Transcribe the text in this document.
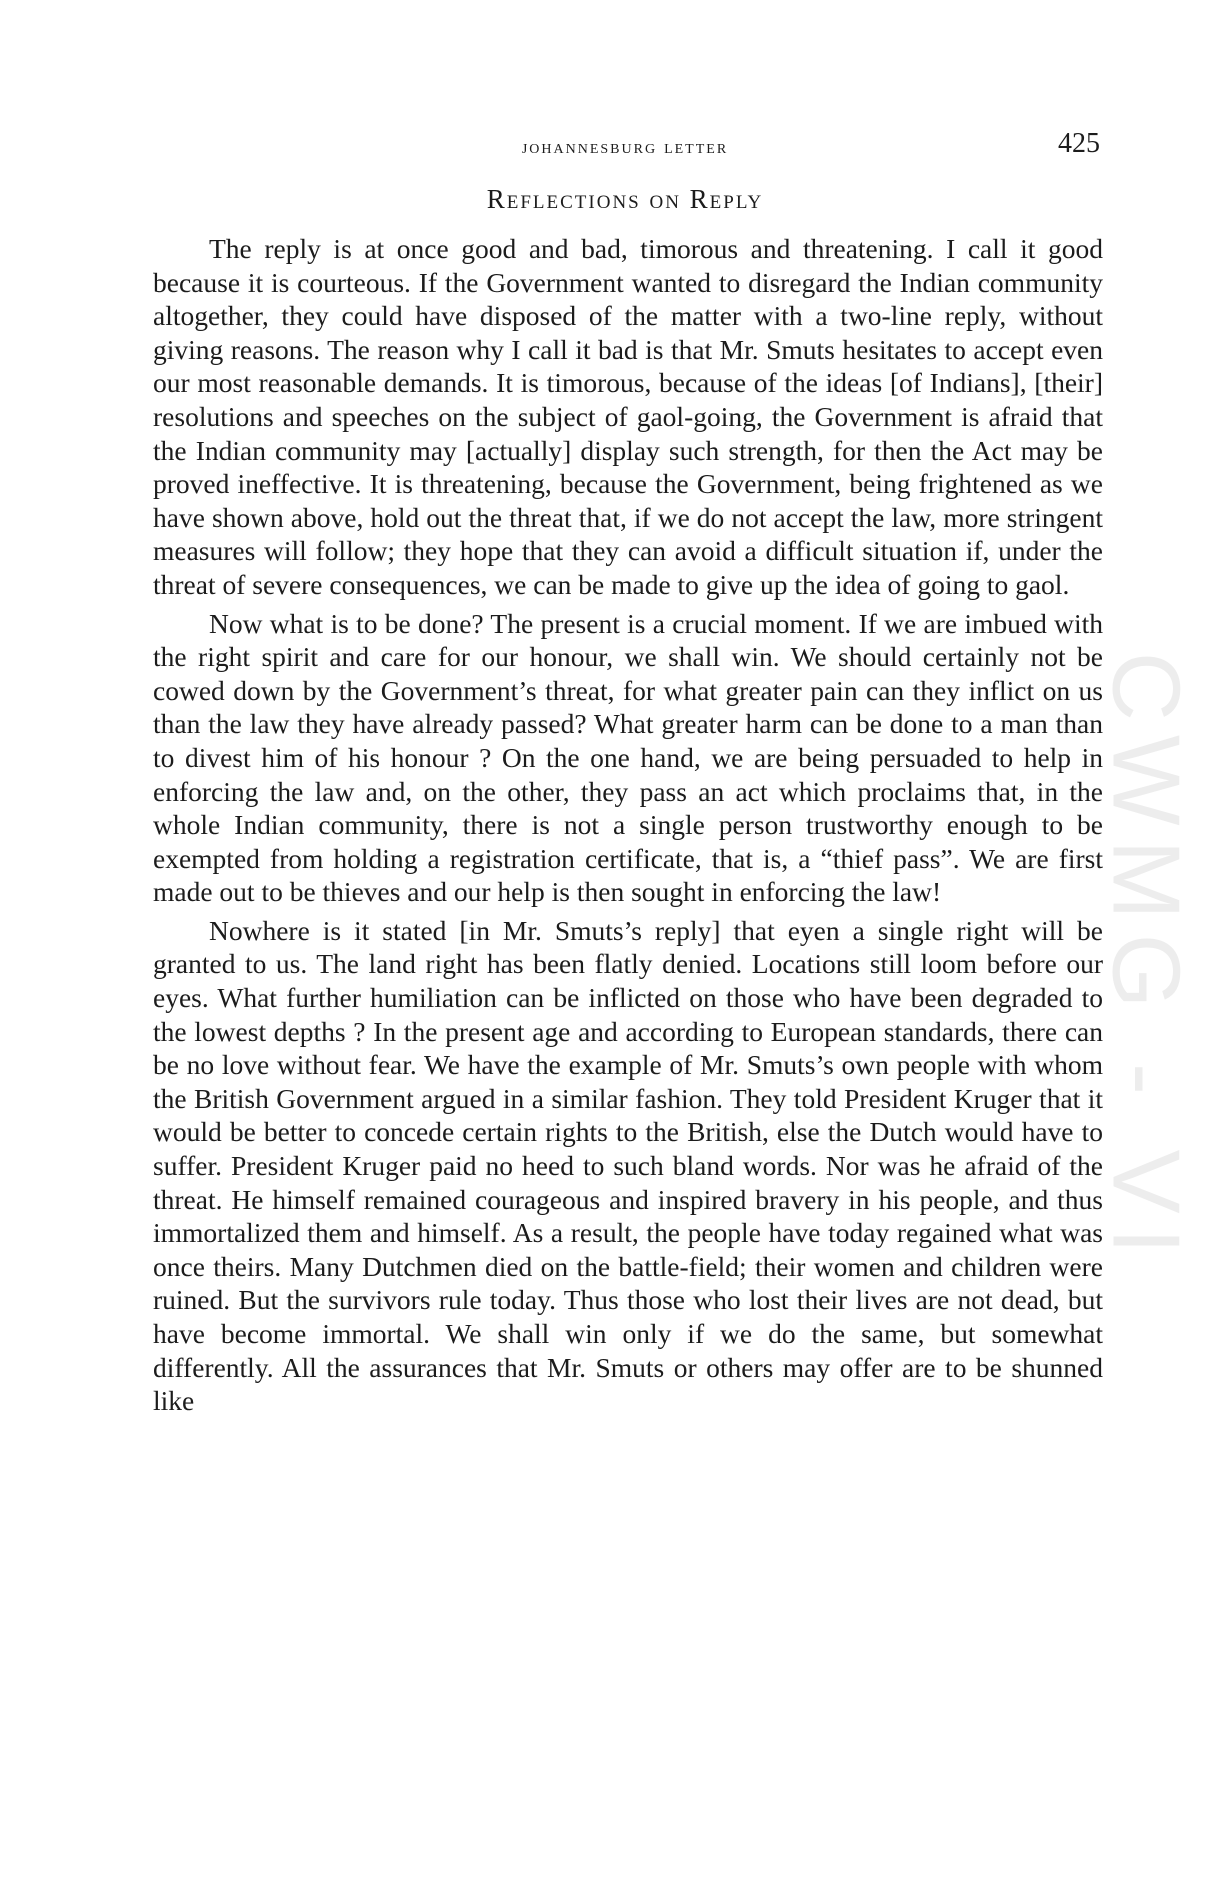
johannesburg letter	425
Reflections on Reply

The reply is at once good and bad, timorous and threatening. I call it good because it is courteous. If the Government wanted to disregard the Indian community altogether, they could have disposed of the matter with a two-line reply, without giving reasons. The reason why I call it bad is that Mr. Smuts hesitates to accept even our most reasonable demands. It is timorous, because of the ideas [of Indians], [their] resolutions and speeches on the subject of gaol-going, the Government is afraid that the Indian community may [actually] display such strength, for then the Act may be proved ineffective. It is threatening, because the Government, being frightened as we have shown above, hold out the threat that, if we do not accept the law, more stringent measures will follow; they hope that they can avoid a difficult situation if, under the threat of severe consequences, we can be made to give up the idea of going to gaol.

Now what is to be done? The present is a crucial moment. If we are imbued with the right spirit and care for our honour, we shall win. We should certainly not be cowed down by the Government’s threat, for what greater pain can they inflict on us than the law they have already passed? What greater harm can be done to a man than to divest him of his honour ? On the one hand, we are being persuaded to help in enforcing the law and, on the other, they pass an act which proclaims that, in the whole Indian community, there is not a single person trustworthy enough to be exempted from holding a registration certificate, that is, a “thief pass”. We are first made out to be thieves and our help is then sought in enforcing the law!

Nowhere is it stated [in Mr. Smuts’s reply] that eyen a single right will be granted to us. The land right has been flatly denied. Locations still loom before our eyes. What further humiliation can be inflicted on those who have been degraded to the lowest depths ? In the present age and according to European standards, there can be no love without fear. We have the example of Mr. Smuts’s own people with whom the British Government argued in a similar fashion. They told President Kruger that it would be better to concede certain rights to the British, else the Dutch would have to suffer. President Kruger paid no heed to such bland words. Nor was he afraid of the threat. He himself remained courageous and inspired bravery in his people, and thus immortalized them and himself. As a result, the people have today regained what was once theirs. Many Dutchmen died on the battle-field; their women and children were ruined. But the survivors rule today. Thus those who lost their lives are not dead, but have become immortal. We shall win only if we do the same, but somewhat differently. All the assurances that Mr. Smuts or others may offer are to be shunned like

CWMG - VI
